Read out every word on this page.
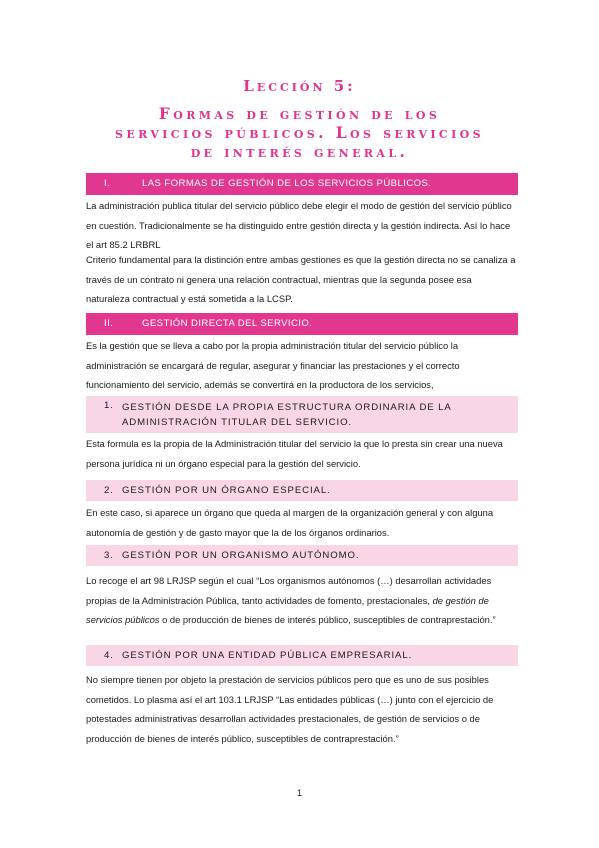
Lección 5:
Formas de gestión de los
servicios públicos. Los servicios
de interés general.
I.	LAS FORMAS DE GESTIÓN DE LOS SERVICIOS PÚBLICOS.

La administración publica titular del servicio público debe elegir el modo de gestión del servicio público en cuestión. Tradicionalmente se ha distinguido entre gestión directa y la gestión indirecta. Así lo hace el art 85.2 LRBRL

Criterio fundamental para la distinción entre ambas gestiones es que la gestión directa no se canaliza a través de un contrato ni genera una relación contractual, mientras que la segunda posee esa naturaleza contractual y está sometida a la LCSP.

II.	GESTIÓN DIRECTA DEL SERVICIO.

Es la gestión que se lleva a cabo por la propia administración titular del servicio público la administración se encargará de regular, asegurar y financiar las prestaciones y el correcto funcionamiento del servicio, además se convertirá en la productora de los servicios,

1. GESTIÓN DESDE LA PROPIA ESTRUCTURA ORDINARIA DE LA ADMINISTRACIÓN TITULAR DEL SERVICIO.

Esta formula es la propia de la Administración titular del servicio la que lo presta sin crear una nueva persona jurídica ni un órgano especial para la gestión del servicio.

2. GESTIÓN POR UN ÓRGANO ESPECIAL.

En este caso, si aparece un órgano que queda al margen de la organización general y con alguna autonomía de gestión y de gasto mayor que la de los órganos ordinarios.

3. GESTIÓN POR UN ORGANISMO AUTÓNOMO.

Lo recoge el art 98 LRJSP según el cual “Los organismos autónomos (…) desarrollan actividades propias de la Administración Pública, tanto actividades de fomento, prestacionales, de gestión de servicios públicos o de producción de bienes de interés público, susceptibles de contraprestación.”

4. GESTIÓN POR UNA ENTIDAD PÚBLICA EMPRESARIAL.

No siempre tienen por objeto la prestación de servicios públicos pero que es uno de sus posibles cometidos. Lo plasma así el art 103.1 LRJSP “Las entidades públicas (…) junto con el ejercicio de potestades administrativas desarrollan actividades prestacionales, de gestión de servicios o de producción de bienes de interés público, susceptibles de contraprestación.”

1
